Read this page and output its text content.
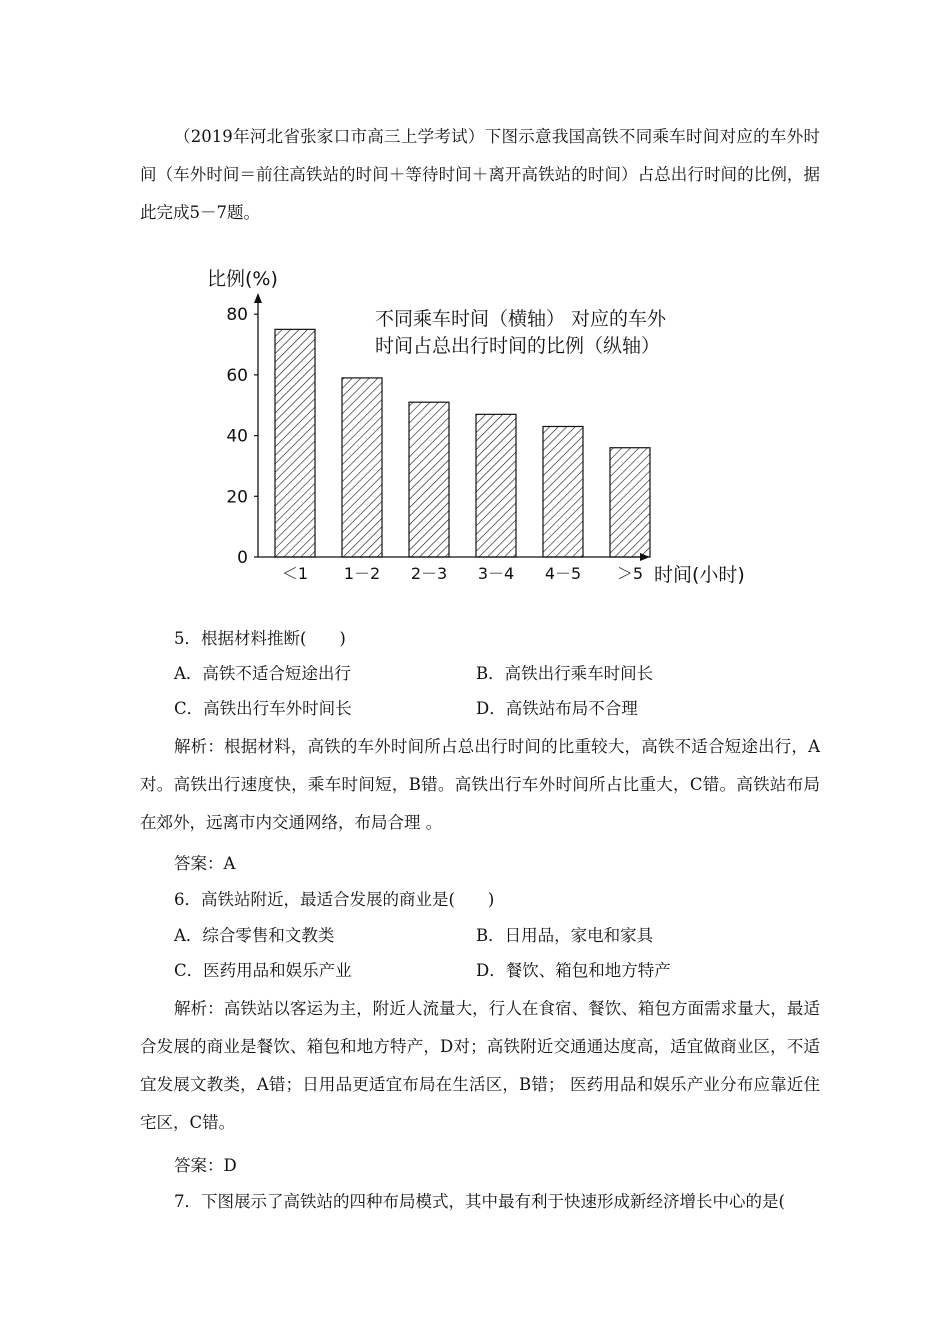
（2019年河北省张家口市高三上学考试）下图示意我国高铁不同乘车时间对应的车外时间（车外时间＝前往高铁站的时间＋等待时间＋离开高铁站的时间）占总出行时间的比例，据此完成5－7题。

比例(%)
不同乘车时间（横轴） 对应的车外
时间占总出行时间的比例（纵轴）
0
20
40
60
80
＜1 1－2 2－3 3－4 4－5 ＞5 时间(小时)

5．根据材料推断(　　)

A．高铁不适合短途出行	B．高铁出行乘车时间长

C．高铁出行车外时间长	D．高铁站布局不合理

解析：根据材料，高铁的车外时间所占总出行时间的比重较大，高铁不适合短途出行，A对。高铁出行速度快，乘车时间短，B错。高铁出行车外时间所占比重大，C错。高铁站布局在郊外，远离市内交通网络，布局合理 。

答案：A

6．高铁站附近，最适合发展的商业是(　　)

A．综合零售和文教类	B．日用品，家电和家具

C．医药用品和娱乐产业	D．餐饮、箱包和地方特产

解析：高铁站以客运为主，附近人流量大，行人在食宿、餐饮、箱包方面需求量大，最适合发展的商业是餐饮、箱包和地方特产，D对；高铁附近交通通达度高，适宜做商业区，不适宜发展文教类，A错；日用品更适宜布局在生活区，B错； 医药用品和娱乐产业分布应靠近住宅区，C错。

答案：D

7．下图展示了高铁站的四种布局模式，其中最有利于快速形成新经济增长中心的是(
